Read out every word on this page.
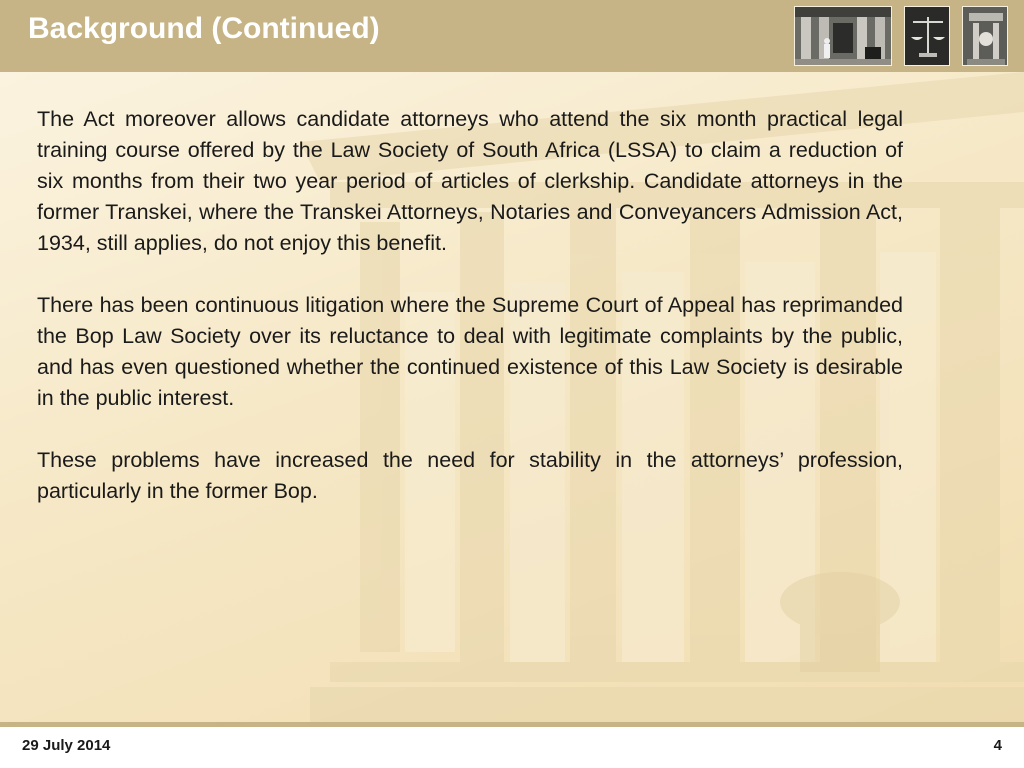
Background (Continued)

The Act moreover allows candidate attorneys who attend the six month practical legal training course offered by the Law Society of South Africa (LSSA) to claim a reduction of six months from their two year period of articles of clerkship. Candidate attorneys in the former Transkei, where the Transkei Attorneys, Notaries and Conveyancers Admission Act, 1934, still applies, do not enjoy this benefit.

There has been continuous litigation where the Supreme Court of Appeal has reprimanded the Bop Law Society over its reluctance to deal with legitimate complaints by the public, and has even questioned whether the continued existence of this Law Society is desirable in the public interest.

These problems have increased the need for stability in the attorneys’ profession, particularly in the former Bop.

29 July 2014	4
